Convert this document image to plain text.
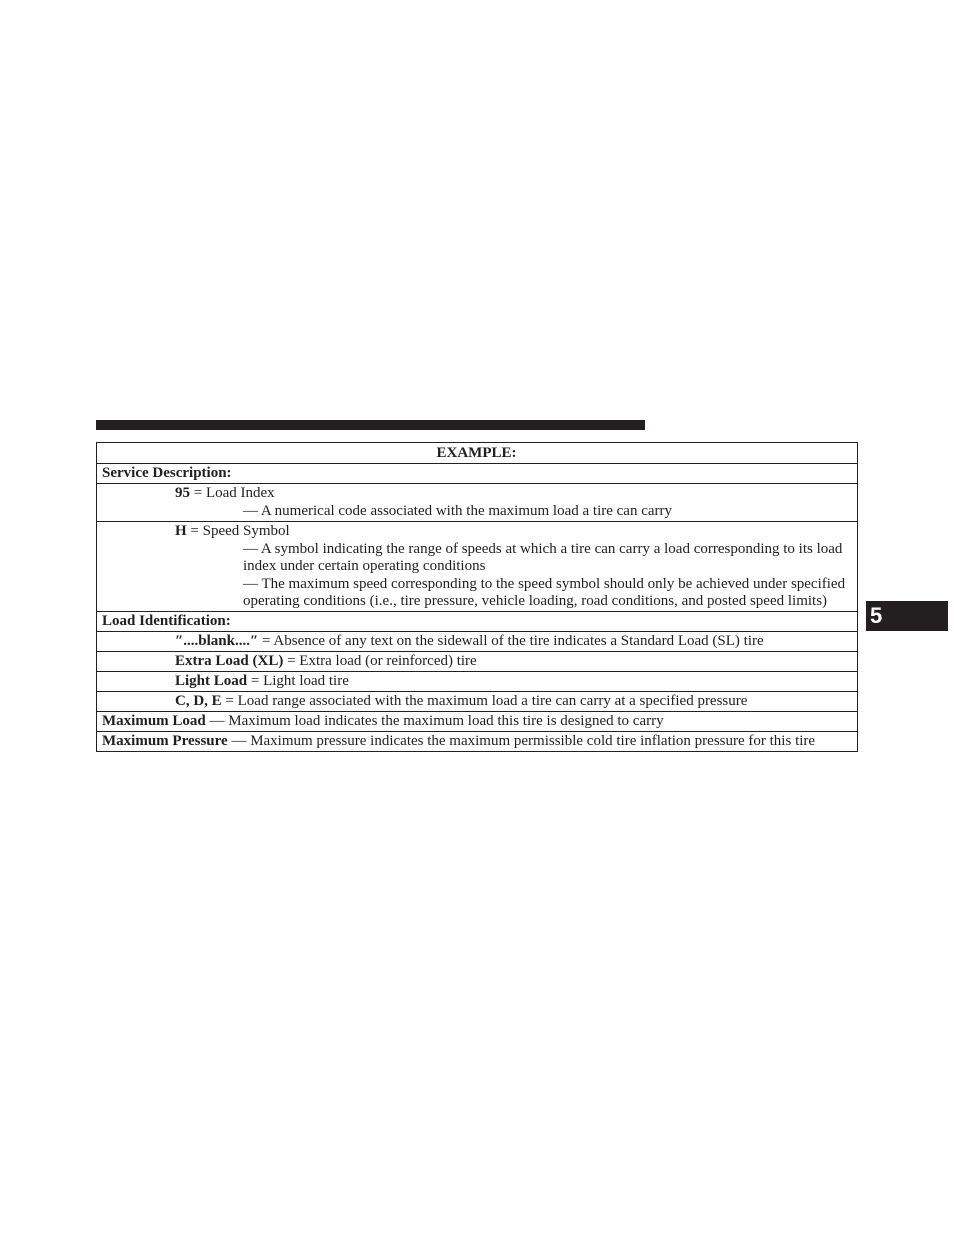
EXAMPLE:
Service Description:
95 = Load Index
— A numerical code associated with the maximum load a tire can carry
H = Speed Symbol
— A symbol indicating the range of speeds at which a tire can carry a load corresponding to its load index under certain operating conditions
— The maximum speed corresponding to the speed symbol should only be achieved under specified operating conditions (i.e., tire pressure, vehicle loading, road conditions, and posted speed limits)
Load Identification:
″....blank....″ = Absence of any text on the sidewall of the tire indicates a Standard Load (SL) tire
Extra Load (XL) = Extra load (or reinforced) tire
Light Load = Light load tire
C, D, E = Load range associated with the maximum load a tire can carry at a specified pressure
Maximum Load — Maximum load indicates the maximum load this tire is designed to carry
Maximum Pressure — Maximum pressure indicates the maximum permissible cold tire inflation pressure for this tire
5
